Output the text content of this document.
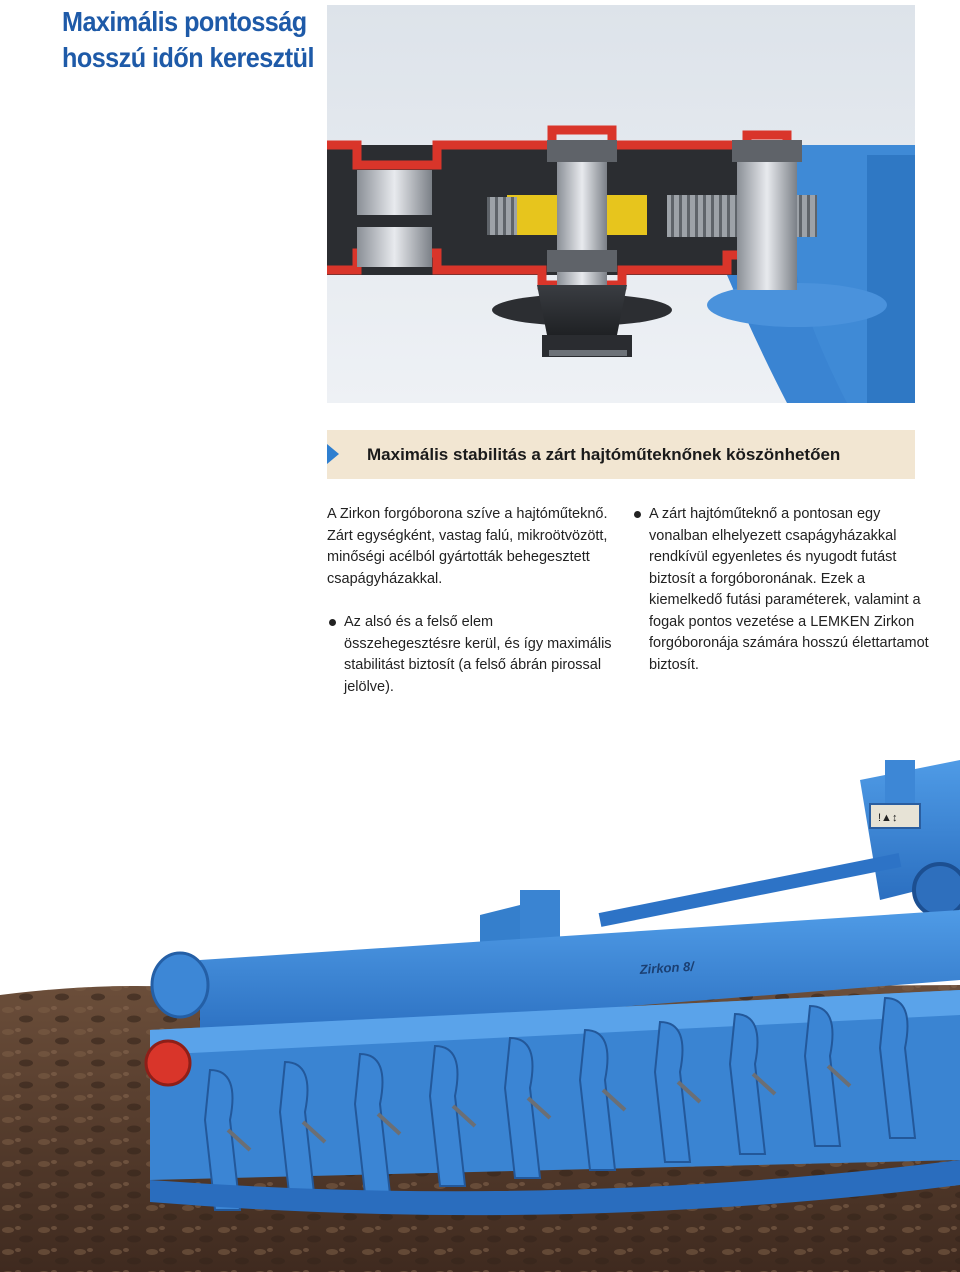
Maximális pontosság
hosszú időn keresztül
Maximális stabilitás a zárt hajtóműteknőnek köszönhetően

A Zirkon forgóborona szíve a hajtóműteknő. Zárt egységként, vastag falú, mikroötvözött, minőségi acélból gyártották behegesztett csapágyházakkal.

Az alsó és a felső elem összehegesztésre kerül, és így maximális stabilitást biztosít (a felső ábrán pirossal jelölve).
A zárt hajtóműteknő a pontosan egy vonalban elhelyezett csapágyházakkal rendkívül egyenletes és nyugodt futást biztosít a forgóboronának. Ezek a kiemelkedő futási paraméterek, valamint a fogak pontos vezetése a LEMKEN Zirkon forgóboronája számára hosszú élettartamot biztosít.
!▲↕
Zirkon 8/
